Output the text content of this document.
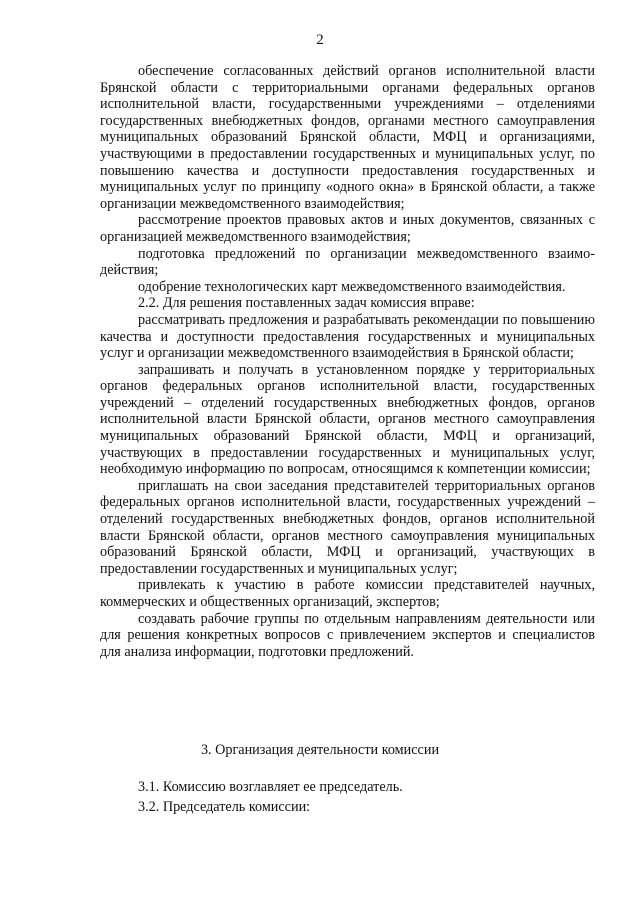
2

обеспечение согласованных действий органов исполнительной власти Брянской области с территориальными органами федеральных органов исполнительной власти, государственными учреждениями – отделениями государственных внебюджетных фондов, органами местного самоуправления муниципальных образований Брянской области, МФЦ и организациями, участвующими в предоставлении государственных и муниципальных услуг, по повышению качества и доступности предоставления государственных и муниципальных услуг по принципу «одного окна» в Брянской области, а также организации межведомственного взаимодействия;

рассмотрение проектов правовых актов и иных документов, связанных с организацией межведомственного взаимодействия;

подготовка предложений по организации межведомственного взаимодействия;

одобрение технологических карт межведомственного взаимодействия.

2.2. Для решения поставленных задач комиссия вправе:

рассматривать предложения и разрабатывать рекомендации по повышению качества и доступности предоставления государственных и муниципальных услуг и организации межведомственного взаимодействия в Брянской области;

запрашивать и получать в установленном порядке у территориальных органов федеральных органов исполнительной власти, государственных учреждений – отделений государственных внебюджетных фондов, органов исполнительной власти Брянской области, органов местного самоуправления муниципальных образований Брянской области, МФЦ и организаций, участвующих в предоставлении государственных и муниципальных услуг, необходимую информацию по вопросам, относящимся к компетенции комиссии;

приглашать на свои заседания представителей территориальных органов федеральных органов исполнительной власти, государственных учреждений – отделений государственных внебюджетных фондов, органов исполнительной власти Брянской области, органов местного самоуправления муниципальных образований Брянской области, МФЦ и организаций, участвующих в предоставлении государственных и муниципальных услуг;

привлекать к участию в работе комиссии представителей научных, коммерческих и общественных организаций, экспертов;

создавать рабочие группы по отдельным направлениям деятельности или для решения конкретных вопросов с привлечением экспертов и специалистов для анализа информации, подготовки предложений.

3. Организация деятельности комиссии

3.1. Комиссию возглавляет ее председатель.

3.2. Председатель комиссии:
